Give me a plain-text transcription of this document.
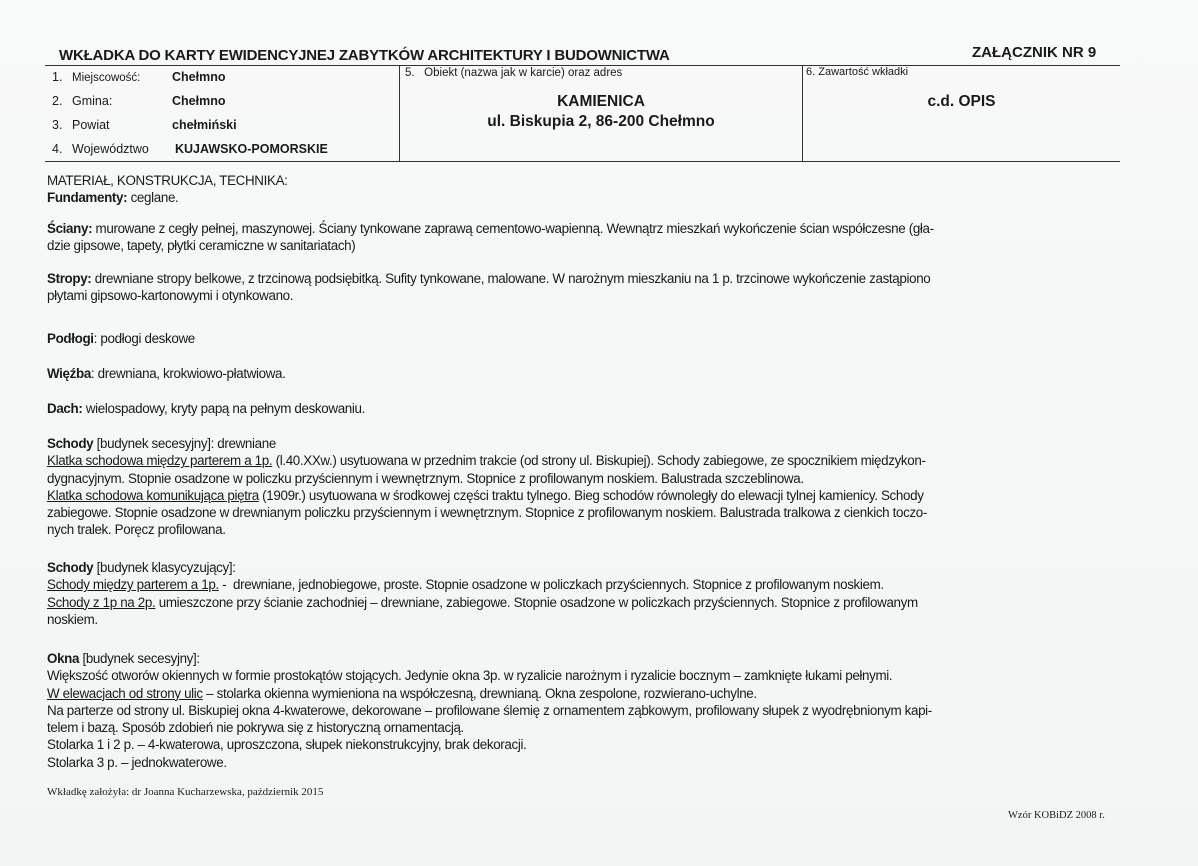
WKŁADKA DO KARTY EWIDENCYJNEJ ZABYTKÓW ARCHITEKTURY I BUDOWNICTWA	ZAŁĄCZNIK NR 9
1. Miejscowość:	Chełmno
2. Gmina:	Chełmno
3. Powiat	chełmiński
4. Województwo KUJAWSKO-POMORSKIE
5.   Obiekt (nazwa jak w karcie) oraz adres
KAMIENICA
ul. Biskupia 2, 86-200 Chełmno
6. Zawartość wkładki
c.d. OPIS
MATERIAŁ, KONSTRUKCJA, TECHNIKA:
Fundamenty: ceglane.
Ściany: murowane z cegły pełnej, maszynowej. Ściany tynkowane zaprawą cementowo-wapienną. Wewnątrz mieszkań wykończenie ścian współczesne (gła-
dzie gipsowe, tapety, płytki ceramiczne w sanitariatach)
Stropy: drewniane stropy belkowe, z trzcinową podsiębitką. Sufity tynkowane, malowane. W narożnym mieszkaniu na 1 p. trzcinowe wykończenie zastąpiono
płytami gipsowo-kartonowymi i otynkowano.
Podłogi: podłogi deskowe
Więźba: drewniana, krokwiowo-płatwiowa.
Dach: wielospadowy, kryty papą na pełnym deskowaniu.
Schody [budynek secesyjny]: drewniane
Klatka schodowa między parterem a 1p. (l.40.XXw.) usytuowana w przednim trakcie (od strony ul. Biskupiej). Schody zabiegowe, ze spocznikiem międzykon-
dygnacyjnym. Stopnie osadzone w policzku przyściennym i wewnętrznym. Stopnice z profilowanym noskiem. Balustrada szczeblinowa.
Klatka schodowa komunikująca piętra (1909r.) usytuowana w środkowej części traktu tylnego. Bieg schodów równoległy do elewacji tylnej kamienicy. Schody
zabiegowe. Stopnie osadzone w drewnianym policzku przyściennym i wewnętrznym. Stopnice z profilowanym noskiem. Balustrada tralkowa z cienkich toczo-
nych tralek. Poręcz profilowana.
Schody [budynek klasycyzujący]:
Schody między parterem a 1p. -  drewniane, jednobiegowe, proste. Stopnie osadzone w policzkach przyściennych. Stopnice z profilowanym noskiem.
Schody z 1p na 2p. umieszczone przy ścianie zachodniej – drewniane, zabiegowe. Stopnie osadzone w policzkach przyściennych. Stopnice z profilowanym
noskiem.
Okna [budynek secesyjny]:
Większość otworów okiennych w formie prostokątów stojących. Jedynie okna 3p. w ryzalicie narożnym i ryzalicie bocznym – zamknięte łukami pełnymi.
W elewacjach od strony ulic – stolarka okienna wymieniona na współczesną, drewnianą. Okna zespolone, rozwierano-uchylne.
Na parterze od strony ul. Biskupiej okna 4-kwaterowe, dekorowane – profilowane ślemię z ornamentem ząbkowym, profilowany słupek z wyodrębnionym kapi-
telem i bazą. Sposób zdobień nie pokrywa się z historyczną ornamentacją.
Stolarka 1 i 2 p. – 4-kwaterowa, uproszczona, słupek niekonstrukcyjny, brak dekoracji.
Stolarka 3 p. – jednokwaterowe.
Wkładkę założyła: dr Joanna Kucharzewska, październik 2015
Wzór KOBiDZ 2008 r.
